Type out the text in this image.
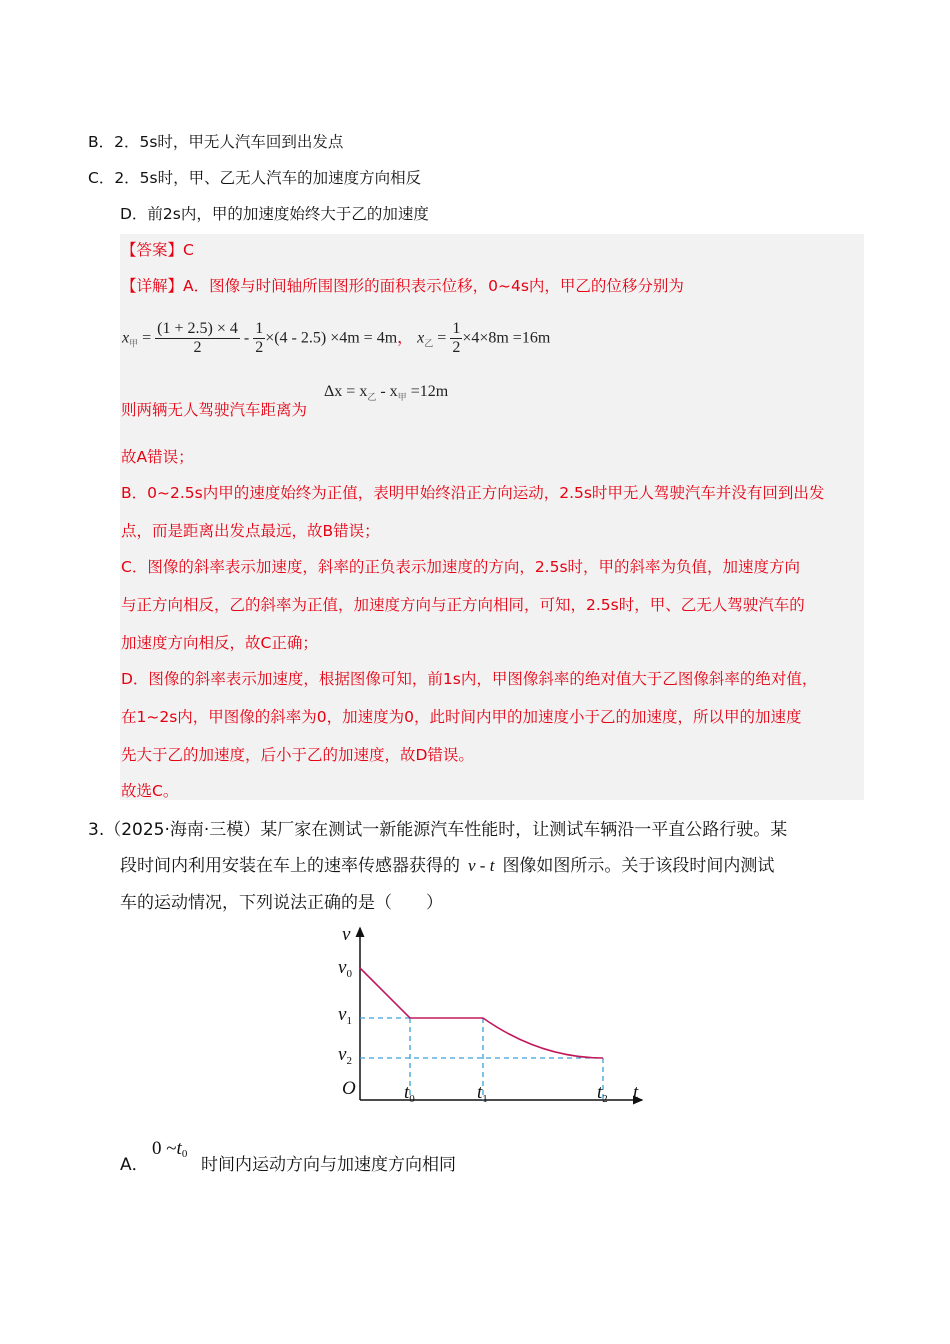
B．2．5s时，甲无人汽车回到出发点
C．2．5s时，甲、乙无人汽车的加速度方向相反
D．前2s内，甲的加速度始终大于乙的加速度
【答案】C
【详解】A．图像与时间轴所围图形的面积表示位移，0~4s内，甲乙的位移分别为
$x_甲 = \frac{(1 + 2.5) \times 4}{2} - \frac{1}{2} \times(4 - 2.5) \times 4m = 4m$， $x_乙 = \frac{1}{2} \times 4\times 8m =16m$
$\Delta x = x_乙 - x_甲 =12m$
则两辆无人驾驶汽车距离为
故A错误；
B．0~2.5s内甲的速度始终为正值，表明甲始终沿正方向运动，2.5s时甲无人驾驶汽车并没有回到出发
点，而是距离出发点最远，故B错误；
C．图像的斜率表示加速度，斜率的正负表示加速度的方向，2.5s时，甲的斜率为负值，加速度方向
与正方向相反，乙的斜率为正值，加速度方向与正方向相同，可知，2.5s时，甲、乙无人驾驶汽车的
加速度方向相反，故C正确；
D．图像的斜率表示加速度，根据图像可知，前1s内，甲图像斜率的绝对值大于乙图像斜率的绝对值，
在1~2s内，甲图像的斜率为0，加速度为0，此时间内甲的加速度小于乙的加速度，所以甲的加速度
先大于乙的加速度，后小于乙的加速度，故D错误。
故选C。
3.（2025·海南·三模）某厂家在测试一新能源汽车性能时，让测试车辆沿一平直公路行驶。某
段时间内利用安装在车上的速率传感器获得的 v - t 图像如图所示。关于该段时间内测试
车的运动情况，下列说法正确的是（　　）
v
t
O
$v_0$
$v_1$
$v_2$
$t_0$	$t_1$	$t_2$
A．
0 ~t0
时间内运动方向与加速度方向相同
